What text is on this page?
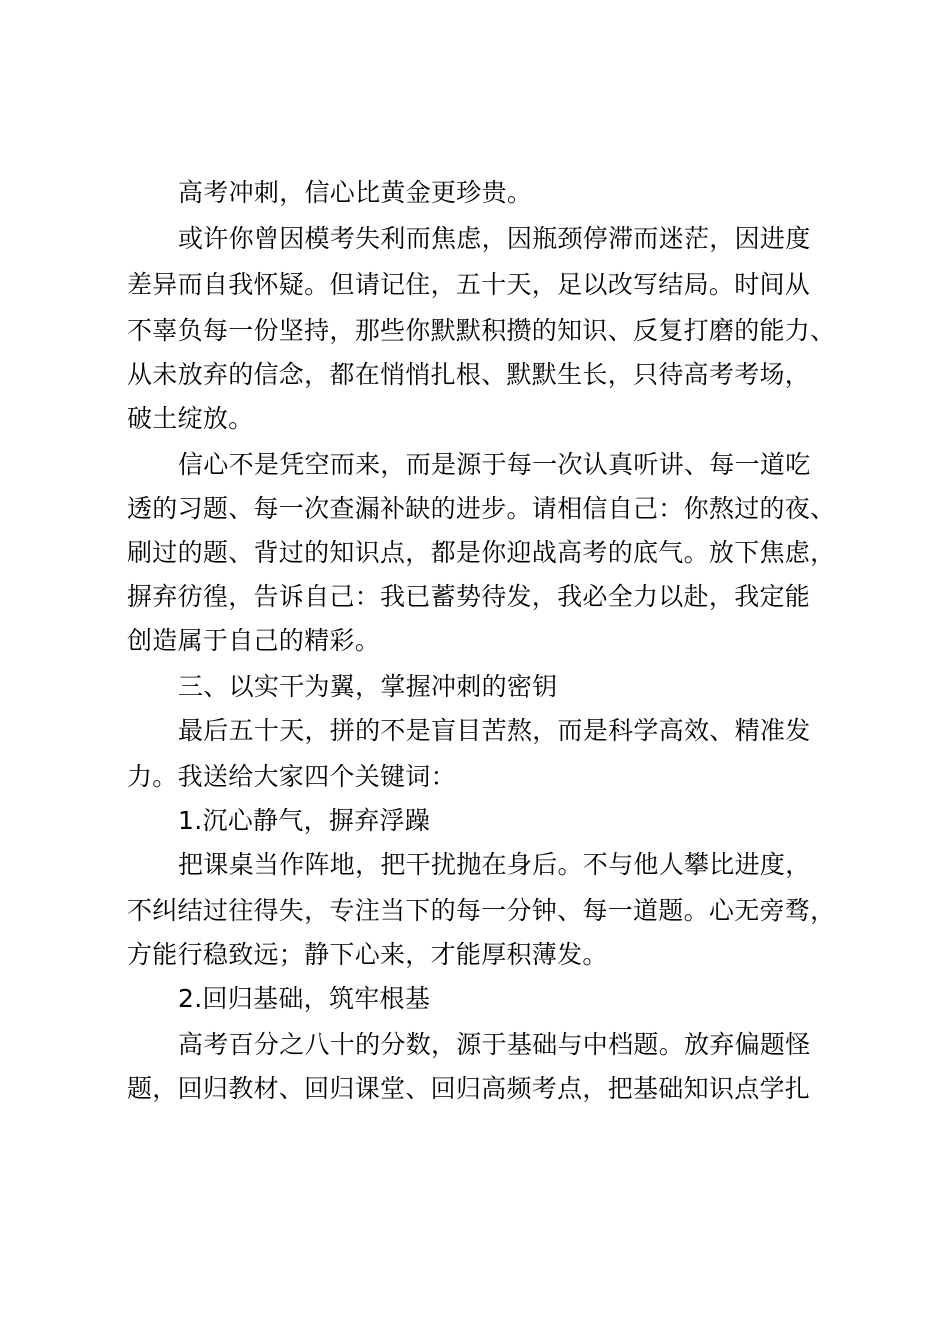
高考冲刺，信心比黄金更珍贵。
或许你曾因模考失利而焦虑，因瓶颈停滞而迷茫，因进度
差异而自我怀疑。但请记住，五十天，足以改写结局。时间从
不辜负每一份坚持，那些你默默积攒的知识、反复打磨的能力、
从未放弃的信念，都在悄悄扎根、默默生长，只待高考考场，
破土绽放。
信心不是凭空而来，而是源于每一次认真听讲、每一道吃
透的习题、每一次查漏补缺的进步。请相信自己：你熬过的夜、
刷过的题、背过的知识点，都是你迎战高考的底气。放下焦虑，
摒弃彷徨，告诉自己：我已蓄势待发，我必全力以赴，我定能
创造属于自己的精彩。
三、以实干为翼，掌握冲刺的密钥
最后五十天，拼的不是盲目苦熬，而是科学高效、精准发
力。我送给大家四个关键词：
1.沉心静气，摒弃浮躁
把课桌当作阵地，把干扰抛在身后。不与他人攀比进度，
不纠结过往得失，专注当下的每一分钟、每一道题。心无旁骛，
方能行稳致远；静下心来，才能厚积薄发。
2.回归基础，筑牢根基
高考百分之八十的分数，源于基础与中档题。放弃偏题怪
题，回归教材、回归课堂、回归高频考点，把基础知识点学扎
